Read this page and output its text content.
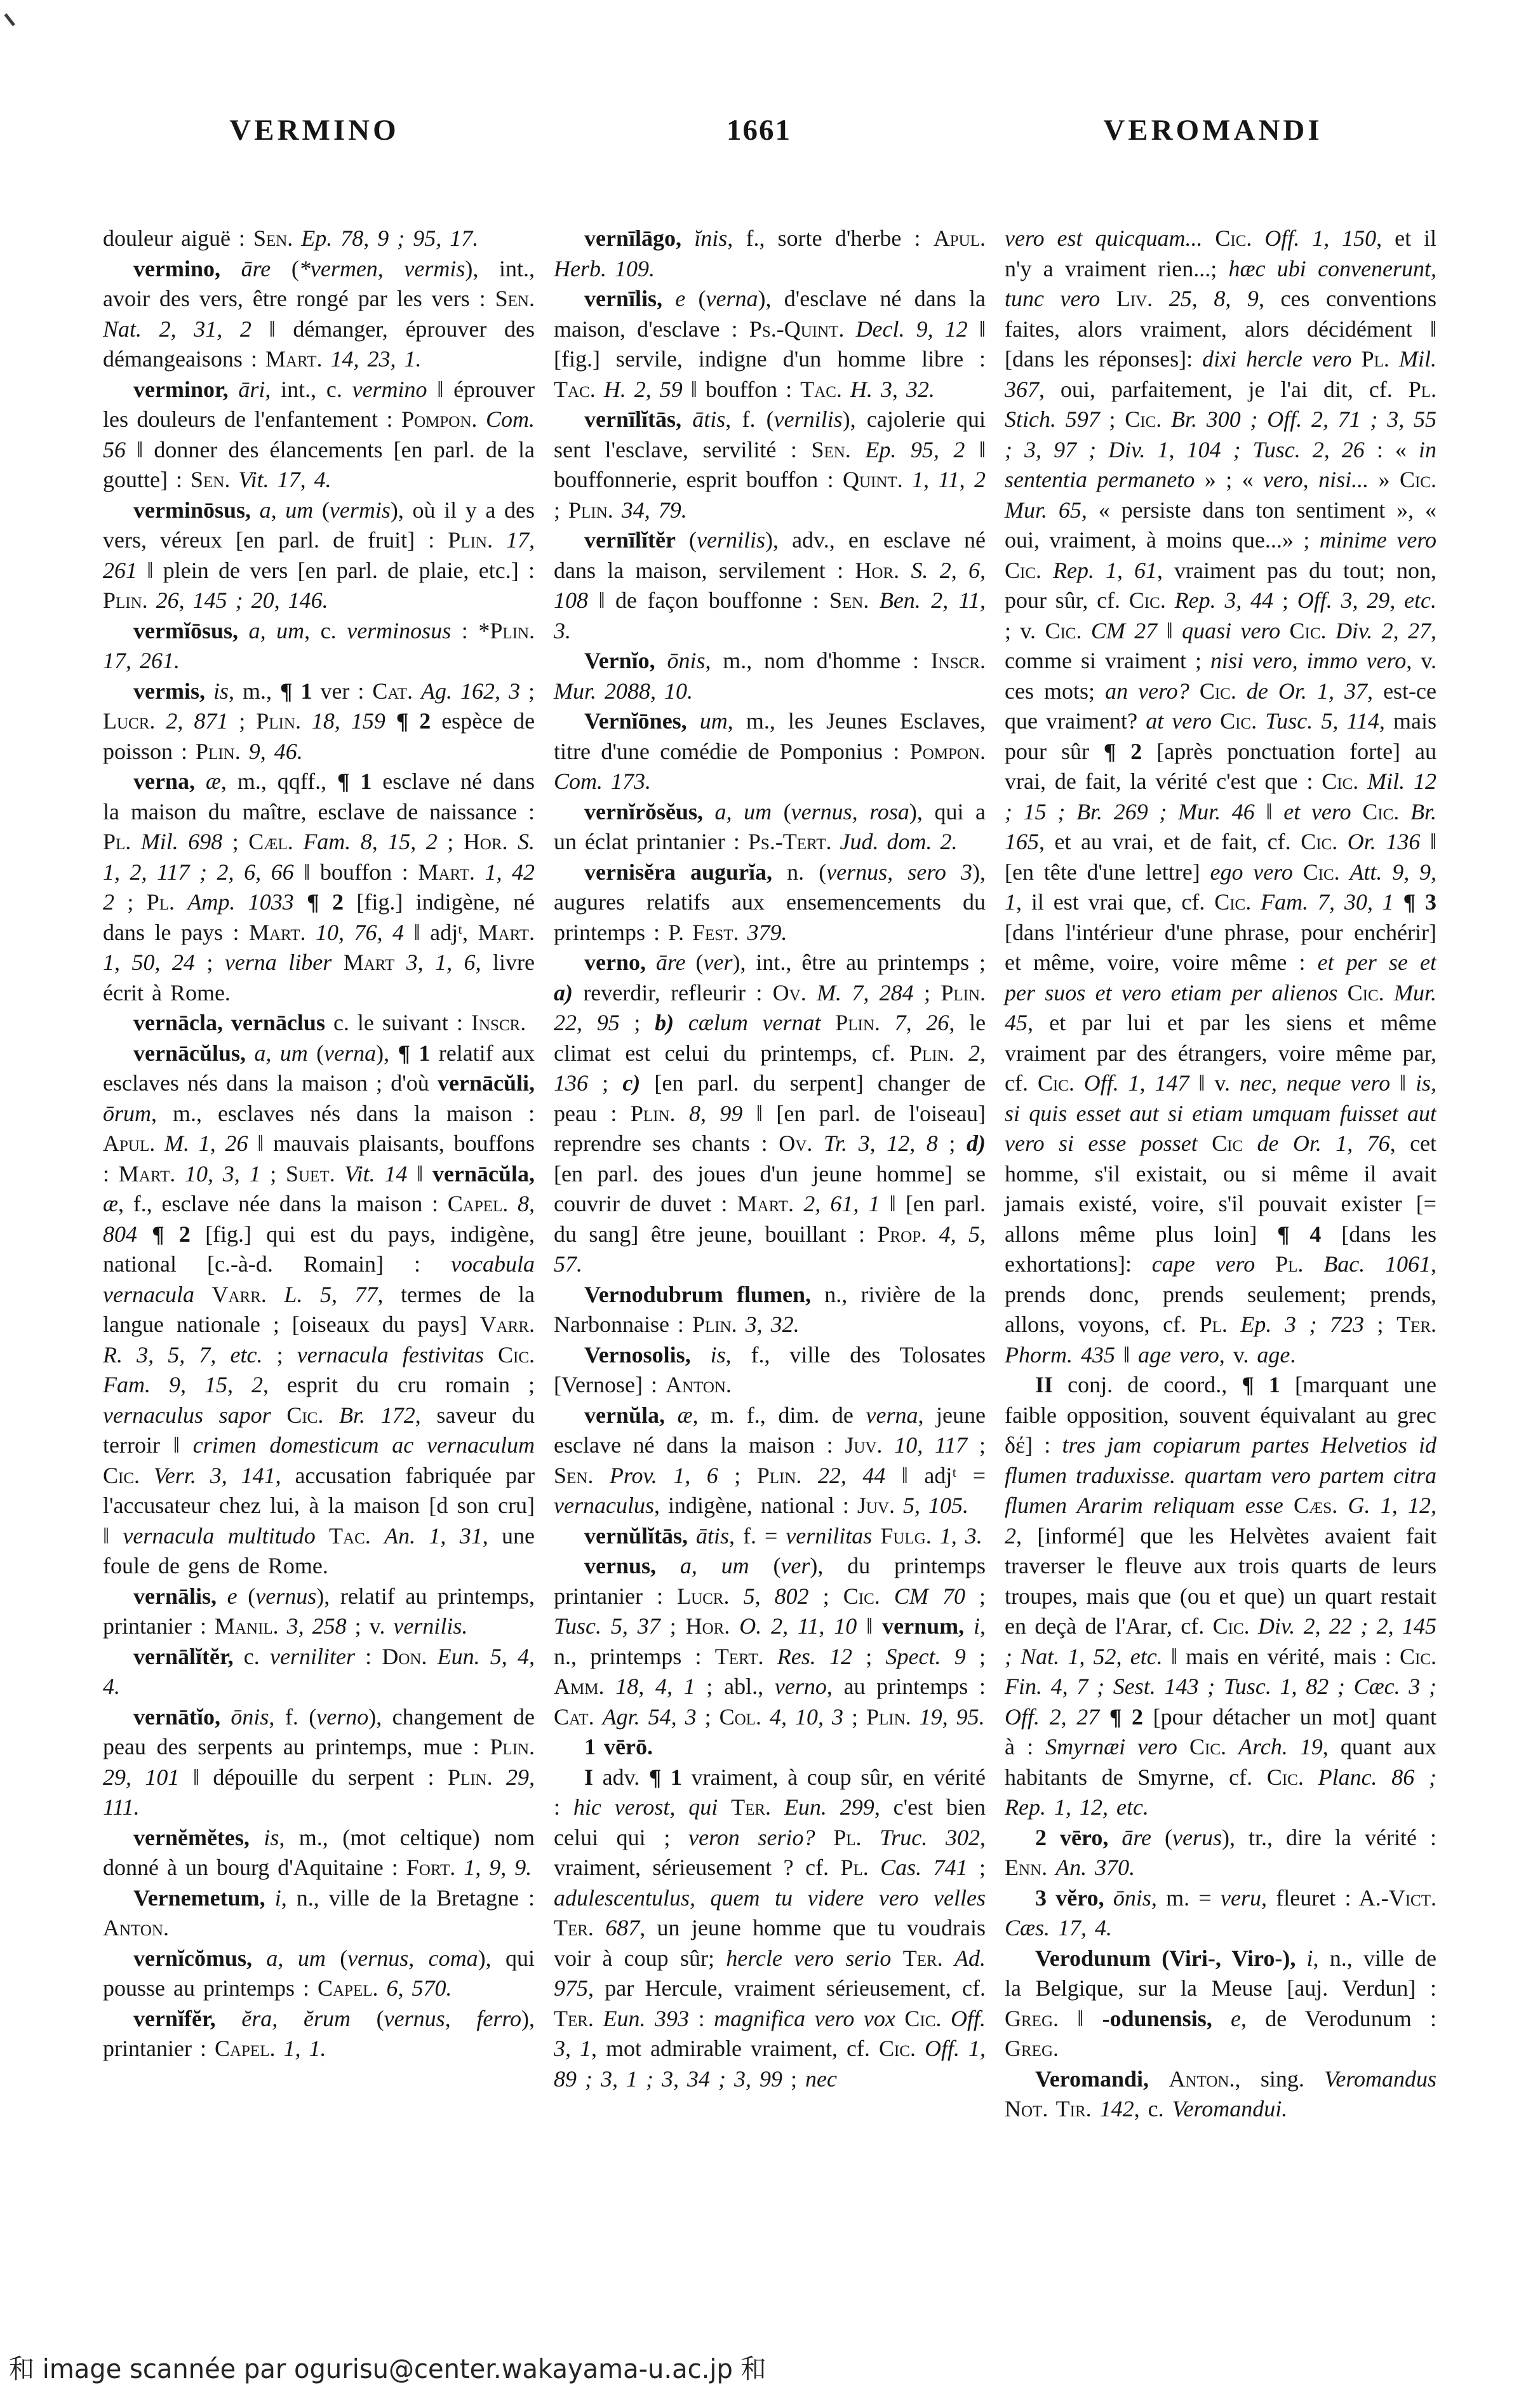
VERMINO	1661	VEROMANDI

douleur aiguë : Sen. Ep. 78, 9 ; 95, 17.

vermino, āre (*vermen, vermis), int., avoir des vers, être rongé par les vers : Sen. Nat. 2, 31, 2 ‖ démanger, éprouver des démangeaisons : Mart. 14, 23, 1.

verminor, āri, int., c. vermino ‖ éprouver les douleurs de l'enfantement : Pompon. Com. 56 ‖ donner des élancements [en parl. de la goutte] : Sen. Vit. 17, 4.

verminōsus, a, um (vermis), où il y a des vers, véreux [en parl. de fruit] : Plin. 17, 261 ‖ plein de vers [en parl. de plaie, etc.] : Plin. 26, 145 ; 20, 146.

vermĭōsus, a, um, c. verminosus : *Plin. 17, 261.

vermis, is, m., ¶ 1 ver : Cat. Ag. 162, 3 ; Lucr. 2, 871 ; Plin. 18, 159 ¶ 2 espèce de poisson : Plin. 9, 46.

verna, æ, m., qqff., ¶ 1 esclave né dans la maison du maître, esclave de naissance : Pl. Mil. 698 ; Cæl. Fam. 8, 15, 2 ; Hor. S. 1, 2, 117 ; 2, 6, 66 ‖ bouffon : Mart. 1, 42 2 ; Pl. Amp. 1033 ¶ 2 [fig.] indigène, né dans le pays : Mart. 10, 76, 4 ‖ adjᵗ, Mart. 1, 50, 24 ; verna liber Mart 3, 1, 6, livre écrit à Rome.

vernācla, vernāclus c. le suivant : Inscr.

vernācŭlus, a, um (verna), ¶ 1 relatif aux esclaves nés dans la maison ; d'où vernācŭli, ōrum, m., esclaves nés dans la maison : Apul. M. 1, 26 ‖ mauvais plaisants, bouffons : Mart. 10, 3, 1 ; Suet. Vit. 14 ‖ vernācŭla, æ, f., esclave née dans la maison : Capel. 8, 804 ¶ 2 [fig.] qui est du pays, indigène, national [c.-à-d. Romain] : vocabula vernacula Varr. L. 5, 77, termes de la langue nationale ; [oiseaux du pays] Varr. R. 3, 5, 7, etc. ; vernacula festivitas Cic. Fam. 9, 15, 2, esprit du cru romain ; vernaculus sapor Cic. Br. 172, saveur du terroir ‖ crimen domesticum ac vernaculum Cic. Verr. 3, 141, accusation fabriquée par l'accusateur chez lui, à la maison [d son cru] ‖ vernacula multitudo Tac. An. 1, 31, une foule de gens de Rome.

vernālis, e (vernus), relatif au printemps, printanier : Manil. 3, 258 ; v. vernilis.

vernālĭtĕr, c. verniliter : Don. Eun. 5, 4, 4.

vernātĭo, ōnis, f. (verno), changement de peau des serpents au printemps, mue : Plin. 29, 101 ‖ dépouille du serpent : Plin. 29, 111.

vernĕmĕtes, is, m., (mot celtique) nom donné à un bourg d'Aquitaine : Fort. 1, 9, 9.

Vernemetum, i, n., ville de la Bretagne : Anton.

vernĭcŏmus, a, um (vernus, coma), qui pousse au printemps : Capel. 6, 570.

vernĭfĕr, ĕra, ĕrum (vernus, ferro), printanier : Capel. 1, 1.

vernīlāgo, ĭnis, f., sorte d'herbe : Apul. Herb. 109.

vernīlis, e (verna), d'esclave né dans la maison, d'esclave : Ps.-Quint. Decl. 9, 12 ‖ [fig.] servile, indigne d'un homme libre : Tac. H. 2, 59 ‖ bouffon : Tac. H. 3, 32.

vernīlĭtās, ātis, f. (vernilis), cajolerie qui sent l'esclave, servilité : Sen. Ep. 95, 2 ‖ bouffonnerie, esprit bouffon : Quint. 1, 11, 2 ; Plin. 34, 79.

vernīlĭtĕr (vernilis), adv., en esclave né dans la maison, servilement : Hor. S. 2, 6, 108 ‖ de façon bouffonne : Sen. Ben. 2, 11, 3.

Vernĭo, ōnis, m., nom d'homme : Inscr. Mur. 2088, 10.

Vernĭōnes, um, m., les Jeunes Esclaves, titre d'une comédie de Pomponius : Pompon. Com. 173.

vernĭrŏsĕus, a, um (vernus, rosa), qui a un éclat printanier : Ps.-Tert. Jud. dom. 2.

vernisĕra augurĭa, n. (vernus, sero 3), augures relatifs aux ensemencements du printemps : P. Fest. 379.

verno, āre (ver), int., être au printemps ; a) reverdir, refleurir : Ov. M. 7, 284 ; Plin. 22, 95 ; b) cælum vernat Plin. 7, 26, le climat est celui du printemps, cf. Plin. 2, 136 ; c) [en parl. du serpent] changer de peau : Plin. 8, 99 ‖ [en parl. de l'oiseau] reprendre ses chants : Ov. Tr. 3, 12, 8 ; d) [en parl. des joues d'un jeune homme] se couvrir de duvet : Mart. 2, 61, 1 ‖ [en parl. du sang] être jeune, bouillant : Prop. 4, 5, 57.

Vernodubrum flumen, n., rivière de la Narbonnaise : Plin. 3, 32.

Vernosolis, is, f., ville des Tolosates [Vernose] : Anton.

vernŭla, æ, m. f., dim. de verna, jeune esclave né dans la maison : Juv. 10, 117 ; Sen. Prov. 1, 6 ; Plin. 22, 44 ‖ adjᵗ = vernaculus, indigène, national : Juv. 5, 105.

vernŭlĭtās, ātis, f. = vernilitas Fulg. 1, 3.

vernus, a, um (ver), du printemps printanier : Lucr. 5, 802 ; Cic. CM 70 ; Tusc. 5, 37 ; Hor. O. 2, 11, 10 ‖ vernum, i, n., printemps : Tert. Res. 12 ; Spect. 9 ; Amm. 18, 4, 1 ; abl., verno, au printemps : Cat. Agr. 54, 3 ; Col. 4, 10, 3 ; Plin. 19, 95.

1 vērō.

I adv. ¶ 1 vraiment, à coup sûr, en vérité : hic verost, qui Ter. Eun. 299, c'est bien celui qui ; veron serio? Pl. Truc. 302, vraiment, sérieusement ? cf. Pl. Cas. 741 ; adulescentulus, quem tu videre vero velles Ter. 687, un jeune homme que tu voudrais voir à coup sûr; hercle vero serio Ter. Ad. 975, par Hercule, vraiment sérieusement, cf. Ter. Eun. 393 : magnifica vero vox Cic. Off. 3, 1, mot admirable vraiment, cf. Cic. Off. 1, 89 ; 3, 1 ; 3, 34 ; 3, 99 ; nec

vero est quicquam... Cic. Off. 1, 150, et il n'y a vraiment rien...; hæc ubi convenerunt, tunc vero Liv. 25, 8, 9, ces conventions faites, alors vraiment, alors décidément ‖ [dans les réponses]: dixi hercle vero Pl. Mil. 367, oui, parfaitement, je l'ai dit, cf. Pl. Stich. 597 ; Cic. Br. 300 ; Off. 2, 71 ; 3, 55 ; 3, 97 ; Div. 1, 104 ; Tusc. 2, 26 : « in sententia permaneto » ; « vero, nisi... » Cic. Mur. 65, « persiste dans ton sentiment », « oui, vraiment, à moins que...» ; minime vero Cic. Rep. 1, 61, vraiment pas du tout; non, pour sûr, cf. Cic. Rep. 3, 44 ; Off. 3, 29, etc. ; v. Cic. CM 27 ‖ quasi vero Cic. Div. 2, 27, comme si vraiment ; nisi vero, immo vero, v. ces mots; an vero? Cic. de Or. 1, 37, est-ce que vraiment? at vero Cic. Tusc. 5, 114, mais pour sûr ¶ 2 [après ponctuation forte] au vrai, de fait, la vérité c'est que : Cic. Mil. 12 ; 15 ; Br. 269 ; Mur. 46 ‖ et vero Cic. Br. 165, et au vrai, et de fait, cf. Cic. Or. 136 ‖ [en tête d'une lettre] ego vero Cic. Att. 9, 9, 1, il est vrai que, cf. Cic. Fam. 7, 30, 1 ¶ 3 [dans l'intérieur d'une phrase, pour enchérir] et même, voire, voire même : et per se et per suos et vero etiam per alienos Cic. Mur. 45, et par lui et par les siens et même vraiment par des étrangers, voire même par, cf. Cic. Off. 1, 147 ‖ v. nec, neque vero ‖ is, si quis esset aut si etiam umquam fuisset aut vero si esse posset Cic de Or. 1, 76, cet homme, s'il existait, ou si même il avait jamais existé, voire, s'il pouvait exister [= allons même plus loin] ¶ 4 [dans les exhortations]: cape vero Pl. Bac. 1061, prends donc, prends seulement; prends, allons, voyons, cf. Pl. Ep. 3 ; 723 ; Ter. Phorm. 435 ‖ age vero, v. age.

II conj. de coord., ¶ 1 [marquant une faible opposition, souvent équivalant au grec δέ] : tres jam copiarum partes Helvetios id flumen traduxisse. quartam vero partem citra flumen Ararim reliquam esse Cæs. G. 1, 12, 2, [informé] que les Helvètes avaient fait traverser le fleuve aux trois quarts de leurs troupes, mais que (ou et que) un quart restait en deçà de l'Arar, cf. Cic. Div. 2, 22 ; 2, 145 ; Nat. 1, 52, etc. ‖ mais en vérité, mais : Cic. Fin. 4, 7 ; Sest. 143 ; Tusc. 1, 82 ; Cæc. 3 ; Off. 2, 27 ¶ 2 [pour détacher un mot] quant à : Smyrnæi vero Cic. Arch. 19, quant aux habitants de Smyrne, cf. Cic. Planc. 86 ; Rep. 1, 12, etc.

2 vēro, āre (verus), tr., dire la vérité : Enn. An. 370.

3 vĕro, ōnis, m. = veru, fleuret : A.-Vict. Cæs. 17, 4.

Verodunum (Viri-, Viro-), i, n., ville de la Belgique, sur la Meuse [auj. Verdun] : Greg. ‖ -odunensis, e, de Verodunum : Greg.

Veromandi, Anton., sing. Veromandus Not. Tir. 142, c. Veromandui.

和 image scannée par ogurisu@center.wakayama-u.ac.jp 和
